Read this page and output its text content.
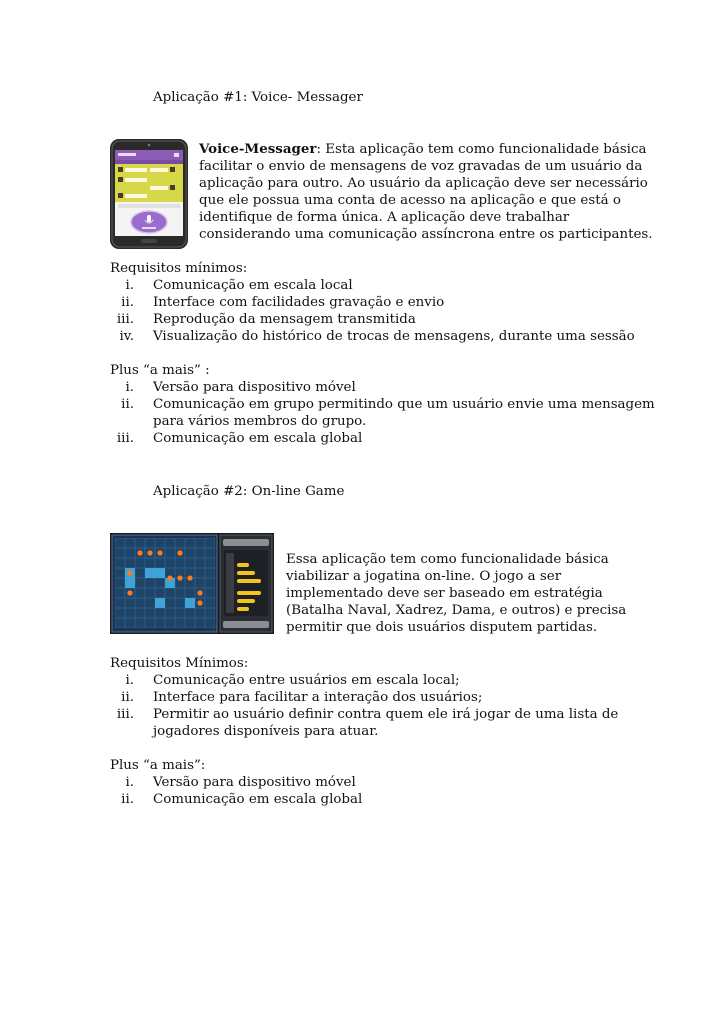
Aplicação #1: Voice- Messager
Voice-Messager: Esta aplicação tem como funcionalidade básica
facilitar o envio de mensagens de voz gravadas de um usuário da
aplicação para outro. Ao usuário da aplicação deve ser necessário
que ele possua uma conta de acesso na aplicação e que está o
identifique de forma única. A aplicação deve trabalhar
considerando uma comunicação assíncrona entre os participantes.
Requisitos mínimos:
i. Comunicação em escala local
ii. Interface com facilidades gravação e envio
iii. Reprodução da mensagem transmitida
iv. Visualização do histórico de trocas de mensagens, durante uma sessão
Plus “a mais” :
i. Versão para dispositivo móvel
ii. Comunicação em grupo permitindo que um usuário envie uma mensagem
para vários membros do grupo.
iii. Comunicação em escala global
Aplicação #2: On-line Game
Essa aplicação tem como funcionalidade básica
viabilizar a jogatina on-line. O jogo a ser
implementado deve ser baseado em estratégia
(Batalha Naval, Xadrez, Dama, e outros) e precisa
permitir que dois usuários disputem partidas.
Requisitos Mínimos:
i. Comunicação entre usuários em escala local;
ii. Interface para facilitar a interação dos usuários;
iii. Permitir ao usuário definir contra quem ele irá jogar de uma lista de
jogadores disponíveis para atuar.
Plus “a mais”:
i. Versão para dispositivo móvel
ii. Comunicação em escala global
